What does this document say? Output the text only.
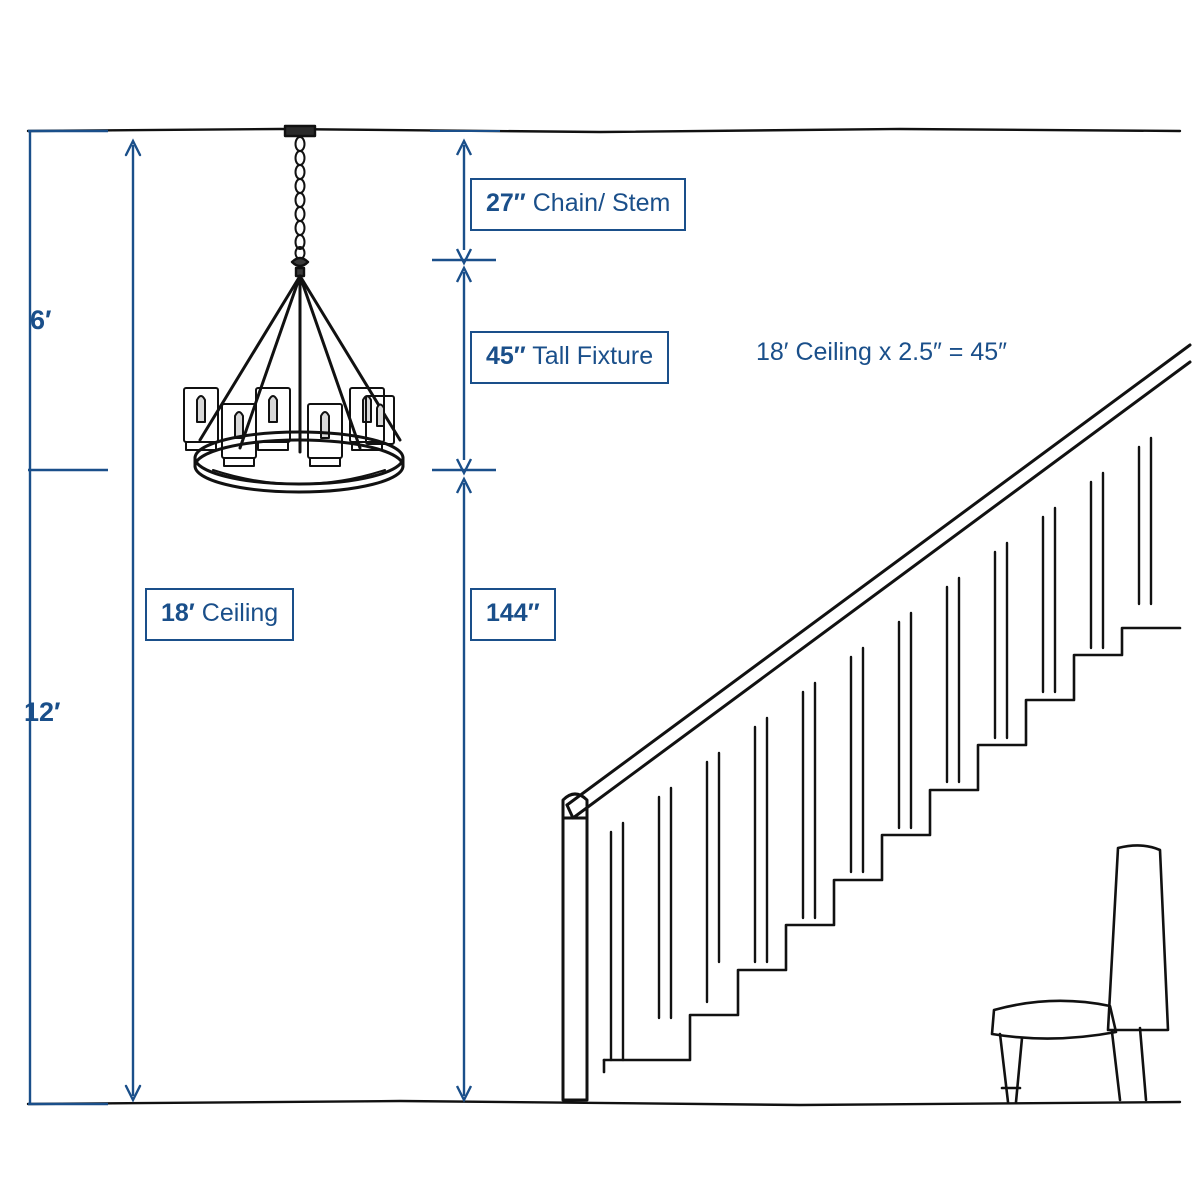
6′
12′
27″ Chain/ Stem
45″ Tall Fixture	18′ Ceiling x 2.5″ = 45″
18′ Ceiling	144″
